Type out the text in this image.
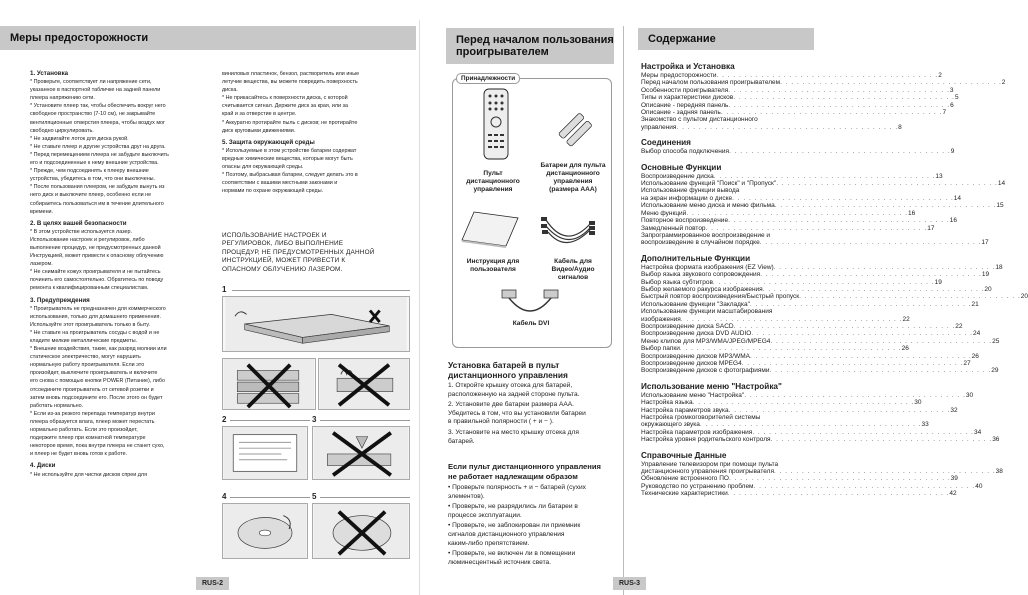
Меры предосторожности
1. Установка

* Проверьте, соответствует ли напряжение сети,

указанное в паспортной табличке на задней панели

плеера напряжению сети.

* Установите плеер так, чтобы обеспечить вокруг него

свободное пространство (7-10 см), не закрывайте

вентиляционные отверстия плеера, чтобы воздух мог

свободно циркулировать.

* Не задвигайте лоток для диска рукой.

* Не ставьте плеер и другие устройства друг на друга.

* Перед перемещением плеера не забудьте выключить

его и подсоединенные к нему внешние устройства.

* Прежде, чем подсоединять к плееру внешние

устройства, убедитесь в том, что они выключены.

* После пользования плеером, не забудьте вынуть из

него диск и выключите плеер, особенно если не

собираетесь пользоваться им в течение длительного

времени.

2. В целях вашей безопасности

* В этом устройстве используется лазер.

Использование настроек и регулировок, либо

выполнение процедур, не предусмотренных данной

Инструкцией, может привести к опасному облучению

лазером.

* Не снимайте кожух проигрывателя и не пытайтесь

починить его самостоятельно. Обратитесь по поводу

ремонта к квалифицированным специалистам.

3. Предупреждения

* Проигрыватель не предназначен для коммерческого

использования, только для домашнего применения.

Используйте этот проигрыватель только в быту.

* Не ставьте на проигрыватель сосуды с водой и не

кладите мелкие металлические предметы.

* Внешние воздействия, такие, как разряд молнии или

статическое электричество, могут нарушить

нормальную работу проигрывателя. Если это

произойдет, выключите проигрыватель и включите

его снова с помощью кнопки POWER (Питание), либо

отсоедините проигрыватель от сетевой розетки и

затем вновь подсоедините его. После этого он будет

работать нормально.

* Если из-за резкого перепада температур внутри

плеера образуется влага, плеер может перестать

нормально работать. Если это произойдет,

подержите плеер при комнатной температуре

некоторое время, пока внутри плеера не станет сухо,

и плеер не будет вновь готов к работе.

4. Диски

* Не используйте для чистки дисков спреи для

виниловых пластинок, бензол, растворитель или иные

летучие вещества, вы можете повредить поверхность

диска.

* Не прикасайтесь к поверхности диска, с которой

считывается сигнал. Держите диск за края, или за

край и за отверстие в центре.

* Аккуратно протирайте пыль с дисков; не протирайте

диск круговыми движениями.

5. Защита окружающей среды

* Используемые в этом устройстве батареи содержат

вредные химические вещества, которые могут быть

опасны для окружающей среды.

* Поэтому, выбрасывая батареи, следует делать это в

соответствии с вашими местными законами и

нормами по охране окружающей среды.

ИСПОЛЬЗОВАНИЕ НАСТРОЕК И
РЕГУЛИРОВОК, ЛИБО ВЫПОЛНЕНИЕ
ПРОЦЕДУР, НЕ ПРЕДУСМОТРЕННЫХ ДАННОЙ
ИНСТРУКЦИЕЙ, МОЖЕТ ПРИВЕСТИ К
ОПАСНОМУ ОБЛУЧЕНИЮ ЛАЗЕРОМ.
1
2	3
4	5
RUS-2
Перед началом пользования
проигрывателем
Принадлежности
Пульт
дистанционного
управления
Батареи для пульта
дистанционного
управления
(размера AAA)
Инструкция для
пользователя
Кабель для
Видео/Аудио
сигналов
Кабель DVI
Установка батарей в пульт
дистанционного управления
1. Откройте крышку отсека для батарей,
расположенную на задней стороне пульта.
2. Установите две батареи размера ААА.
Убедитесь в том, что вы установили батареи
в правильной полярности ( + и − ).
3. Установите на место крышку отсека для
батарей.
Если пульт дистанционного управления
не работает надлежащим образом
• Проверьте полярность + и − батарей (сухих
элементов).
• Проверьте, не разрядились ли батареи в
процессе эксплуатации.
• Проверьте, не заблокирован ли приемник
сигналов дистанционного управления
каким-либо препятствием.
• Проверьте, не включен ли в помещении
люминесцентный источник света.
Содержание
Настройка и Установка
Меры предосторожности . . . . . . . . . . . . . . . . . . . . . . . . . . . . . . . . . . . . . . . . 2
Перед началом пользования проигрывателем . . . . . . . . . . . . . . . . . . . . . . . . . . . . . . . . . . . . . . . . 2
Особенности проигрывателя . . . . . . . . . . . . . . . . . . . . . . . . . . . . . . . . . . . . . . . . 3
Типы и характеристики дисков . . . . . . . . . . . . . . . . . . . . . . . . . . . . . . . . . . . . . . . . 5
Описание - передняя панель . . . . . . . . . . . . . . . . . . . . . . . . . . . . . . . . . . . . . . . . 6
Описание - задняя панель . . . . . . . . . . . . . . . . . . . . . . . . . . . . . . . . . . . . . . . . 7
Знакомство с пультом дистанционного
управления . . . . . . . . . . . . . . . . . . . . . . . . . . . . . . . . . . . . . . . . 8
Соединения
Выбор способа подключения . . . . . . . . . . . . . . . . . . . . . . . . . . . . . . . . . . . . . . . . 9
Основные Функции
Воспроизведение диска . . . . . . . . . . . . . . . . . . . . . . . . . . . . . . . . . . . . . . . . 13
Использование функций "Поиск" и "Пропуск" . . . . . . . . . . . . . . . . . . . . . . . . . . . . . . . . . . . . . . . . 14
Использование функции вывода
на экран информации о диске . . . . . . . . . . . . . . . . . . . . . . . . . . . . . . . . . . . . . . . . 14
Использование меню диска и меню фильма . . . . . . . . . . . . . . . . . . . . . . . . . . . . . . . . . . . . . . . . 15
Меню функций . . . . . . . . . . . . . . . . . . . . . . . . . . . . . . . . . . . . . . . . 16
Повторное воспроизведение . . . . . . . . . . . . . . . . . . . . . . . . . . . . . . . . . . . . . . . . 16
Замедленный повтор . . . . . . . . . . . . . . . . . . . . . . . . . . . . . . . . . . . . . . . . 17
Запрограммированное воспроизведение и
воспроизведение в случайном порядке . . . . . . . . . . . . . . . . . . . . . . . . . . . . . . . . . . . . . . . . 17
Дополнительные Функции
Настройка формата изображения (EZ View) . . . . . . . . . . . . . . . . . . . . . . . . . . . . . . . . . . . . . . . . 18
Выбор языка звукового сопровождения . . . . . . . . . . . . . . . . . . . . . . . . . . . . . . . . . . . . . . . . 19
Выбор языка субтитров . . . . . . . . . . . . . . . . . . . . . . . . . . . . . . . . . . . . . . . . 19
Выбор желаемого ракурса изображения . . . . . . . . . . . . . . . . . . . . . . . . . . . . . . . . . . . . . . . . 20
Быстрый повтор воспроизведения/Быстрый пропуск . . . . . . . . . . . . . . . . . . . . . . . . . . . . . . . . . . . . . . . . 20
Использование функции "Закладка" . . . . . . . . . . . . . . . . . . . . . . . . . . . . . . . . . . . . . . . . 21
Использование функции масштабирования
изображения . . . . . . . . . . . . . . . . . . . . . . . . . . . . . . . . . . . . . . . . 22
Воспроизведение диска SACD . . . . . . . . . . . . . . . . . . . . . . . . . . . . . . . . . . . . . . . . 22
Воспроизведение диска DVD AUDIO . . . . . . . . . . . . . . . . . . . . . . . . . . . . . . . . . . . . . . . . 24
Меню клипов для MP3/WMA/JPEG/MPEG4 . . . . . . . . . . . . . . . . . . . . . . . . . . . . . . . . . . . . . . . . 25
Выбор папки . . . . . . . . . . . . . . . . . . . . . . . . . . . . . . . . . . . . . . . . 26
Воспроизведение дисков MP3/WMA . . . . . . . . . . . . . . . . . . . . . . . . . . . . . . . . . . . . . . . . 26
Воспроизведение дисков MPEG4 . . . . . . . . . . . . . . . . . . . . . . . . . . . . . . . . . . . . . . . . 27
Воспроизведение дисков с фотографиями . . . . . . . . . . . . . . . . . . . . . . . . . . . . . . . . . . . . . . . . 29
Использование меню "Настройка"
Использование меню "Настройка" . . . . . . . . . . . . . . . . . . . . . . . . . . . . . . . . . . . . . . . . 30
Настройка языка . . . . . . . . . . . . . . . . . . . . . . . . . . . . . . . . . . . . . . . . 30
Настройка параметров звука . . . . . . . . . . . . . . . . . . . . . . . . . . . . . . . . . . . . . . . . 32
Настройка громкоговорителей системы
окружающего звука . . . . . . . . . . . . . . . . . . . . . . . . . . . . . . . . . . . . . . . . 33
Настройка параметров изображения . . . . . . . . . . . . . . . . . . . . . . . . . . . . . . . . . . . . . . . . 34
Настройка уровня родительского контроля . . . . . . . . . . . . . . . . . . . . . . . . . . . . . . . . . . . . . . . . 36
Справочные Данные
Управление телевизором при помощи пульта
дистанционного управления проигрывателя . . . . . . . . . . . . . . . . . . . . . . . . . . . . . . . . . . . . . . . . 38
Обновление встроенного ПО . . . . . . . . . . . . . . . . . . . . . . . . . . . . . . . . . . . . . . . . 39
Руководство по устранению проблем . . . . . . . . . . . . . . . . . . . . . . . . . . . . . . . . . . . . . . . . 40
Технические характеристики . . . . . . . . . . . . . . . . . . . . . . . . . . . . . . . . . . . . . . . . 42
RUS-3
